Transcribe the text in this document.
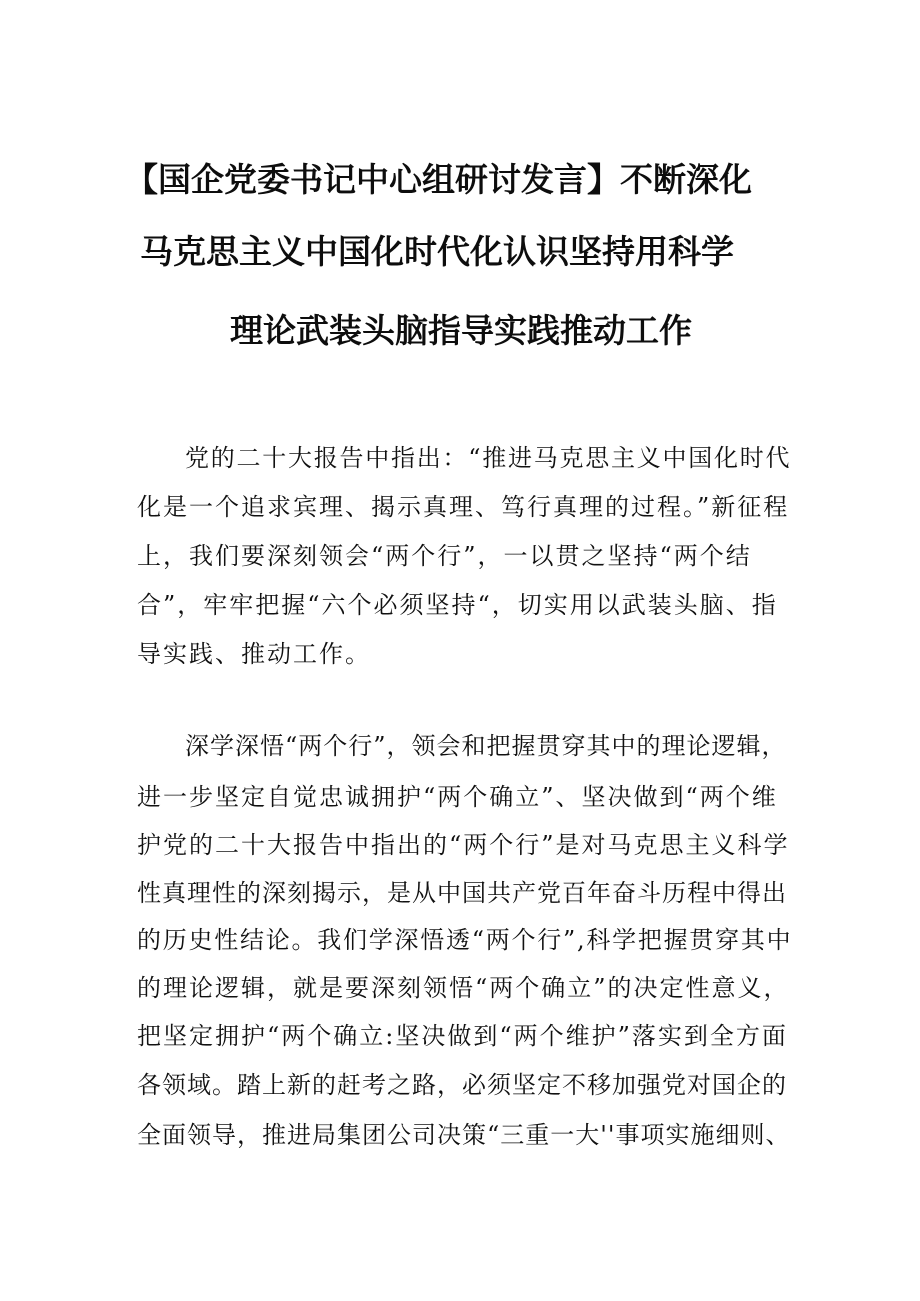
【国企党委书记中心组研讨发言】不断深化
马克思主义中国化时代化认识坚持用科学
理论武装头脑指导实践推动工作
党的二十大报告中指出：“推进马克思主义中国化时代
化是一个追求宾理、揭示真理、笃行真理的过程。”新征程
上，我们要深刻领会“两个行”，一以贯之坚持“两个结
合”，牢牢把握“六个必须坚持“，切实用以武装头脑、指
导实践、推动工作。
深学深悟“两个行”，领会和把握贯穿其中的理论逻辑，
进一步坚定自觉忠诚拥护“两个确立”、坚决做到“两个维
护党的二十大报告中指出的“两个行”是对马克思主义科学
性真理性的深刻揭示，是从中国共产党百年奋斗历程中得出
的历史性结论。我们学深悟透“两个行”,科学把握贯穿其中
的理论逻辑，就是要深刻领悟“两个确立”的决定性意义，
把坚定拥护“两个确立:坚决做到“两个维护”落实到全方面
各领域。踏上新的赶考之路，必须坚定不移加强党对国企的
全面领导，推进局集团公司决策“三重一大''事项实施细则、
